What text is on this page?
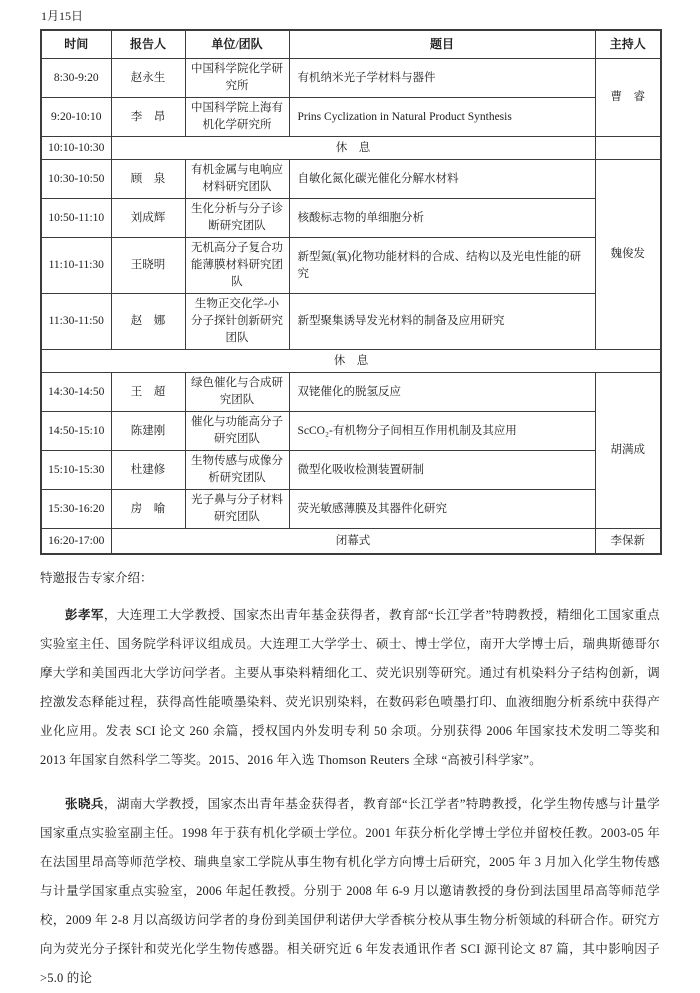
1月15日
时间	报告人	单位/团队	题目	主持人
8:30-9:20	赵永生	中国科学院化学研究所	有机纳米光子学材料与器件	曹　睿
9:20-10:10	李　昂	中国科学院上海有机化学研究所	Prins Cyclization in Natural Product Synthesis	
10:10-10:30	休　息			
10:30-10:50	顾　泉	有机金属与电响应材料研究团队	自敏化氮化碳光催化分解水材料	魏俊发
10:50-11:10	刘成辉	生化分析与分子诊断研究团队	核酸标志物的单细胞分析	
11:10-11:30	王晓明	无机高分子复合功能薄膜材料研究团队	新型氮(氧)化物功能材料的合成、结构以及光电性能的研究	
11:30-11:50	赵　娜	生物正交化学-小分子探针创新研究团队	新型聚集诱导发光材料的制备及应用研究	
休　息				
14:30-14:50	王　超	绿色催化与合成研究团队	双铑催化的脱氢反应	胡满成
14:50-15:10	陈建刚	催化与功能高分子研究团队	ScCO₂-有机物分子间相互作用机制及其应用	
15:10-15:30	杜建修	生物传感与成像分析研究团队	微型化吸收检测装置研制	
15:30-16:20	房　喻	光子鼻与分子材料研究团队	荧光敏感薄膜及其器件化研究	
16:20-17:00	闭幕式			李保新
特邀报告专家介绍：

彭孝军，大连理工大学教授、国家杰出青年基金获得者，教育部“长江学者”特聘教授，精细化工国家重点实验室主任、国务院学科评议组成员。大连理工大学学士、硕士、博士学位，南开大学博士后，瑞典斯德哥尔摩大学和美国西北大学访问学者。主要从事染料精细化工、荧光识别等研究。通过有机染料分子结构创新，调控激发态释能过程，获得高性能喷墨染料、荧光识别染料，在数码彩色喷墨打印、血液细胞分析系统中获得产业化应用。发表 SCI 论文 260 余篇，授权国内外发明专利 50 余项。分别获得 2006 年国家技术发明二等奖和 2013 年国家自然科学二等奖。2015、2016 年入选 Thomson Reuters 全球 “高被引科学家”。

张晓兵，湖南大学教授，国家杰出青年基金获得者，教育部“长江学者”特聘教授，化学生物传感与计量学国家重点实验室副主任。1998 年于获有机化学硕士学位。2001 年获分析化学博士学位并留校任教。2003-05 年在法国里昂高等师范学校、瑞典皇家工学院从事生物有机化学方向博士后研究，2005 年 3 月加入化学生物传感与计量学国家重点实验室，2006 年起任教授。分别于 2008 年 6-9 月以邀请教授的身份到法国里昂高等师范学校，2009 年 2-8 月以高级访问学者的身份到美国伊利诺伊大学香槟分校从事生物分析领域的科研合作。研究方向为荧光分子探针和荧光化学生物传感器。相关研究近 6 年发表通讯作者 SCI 源刊论文 87 篇，其中影响因子>5.0 的论
